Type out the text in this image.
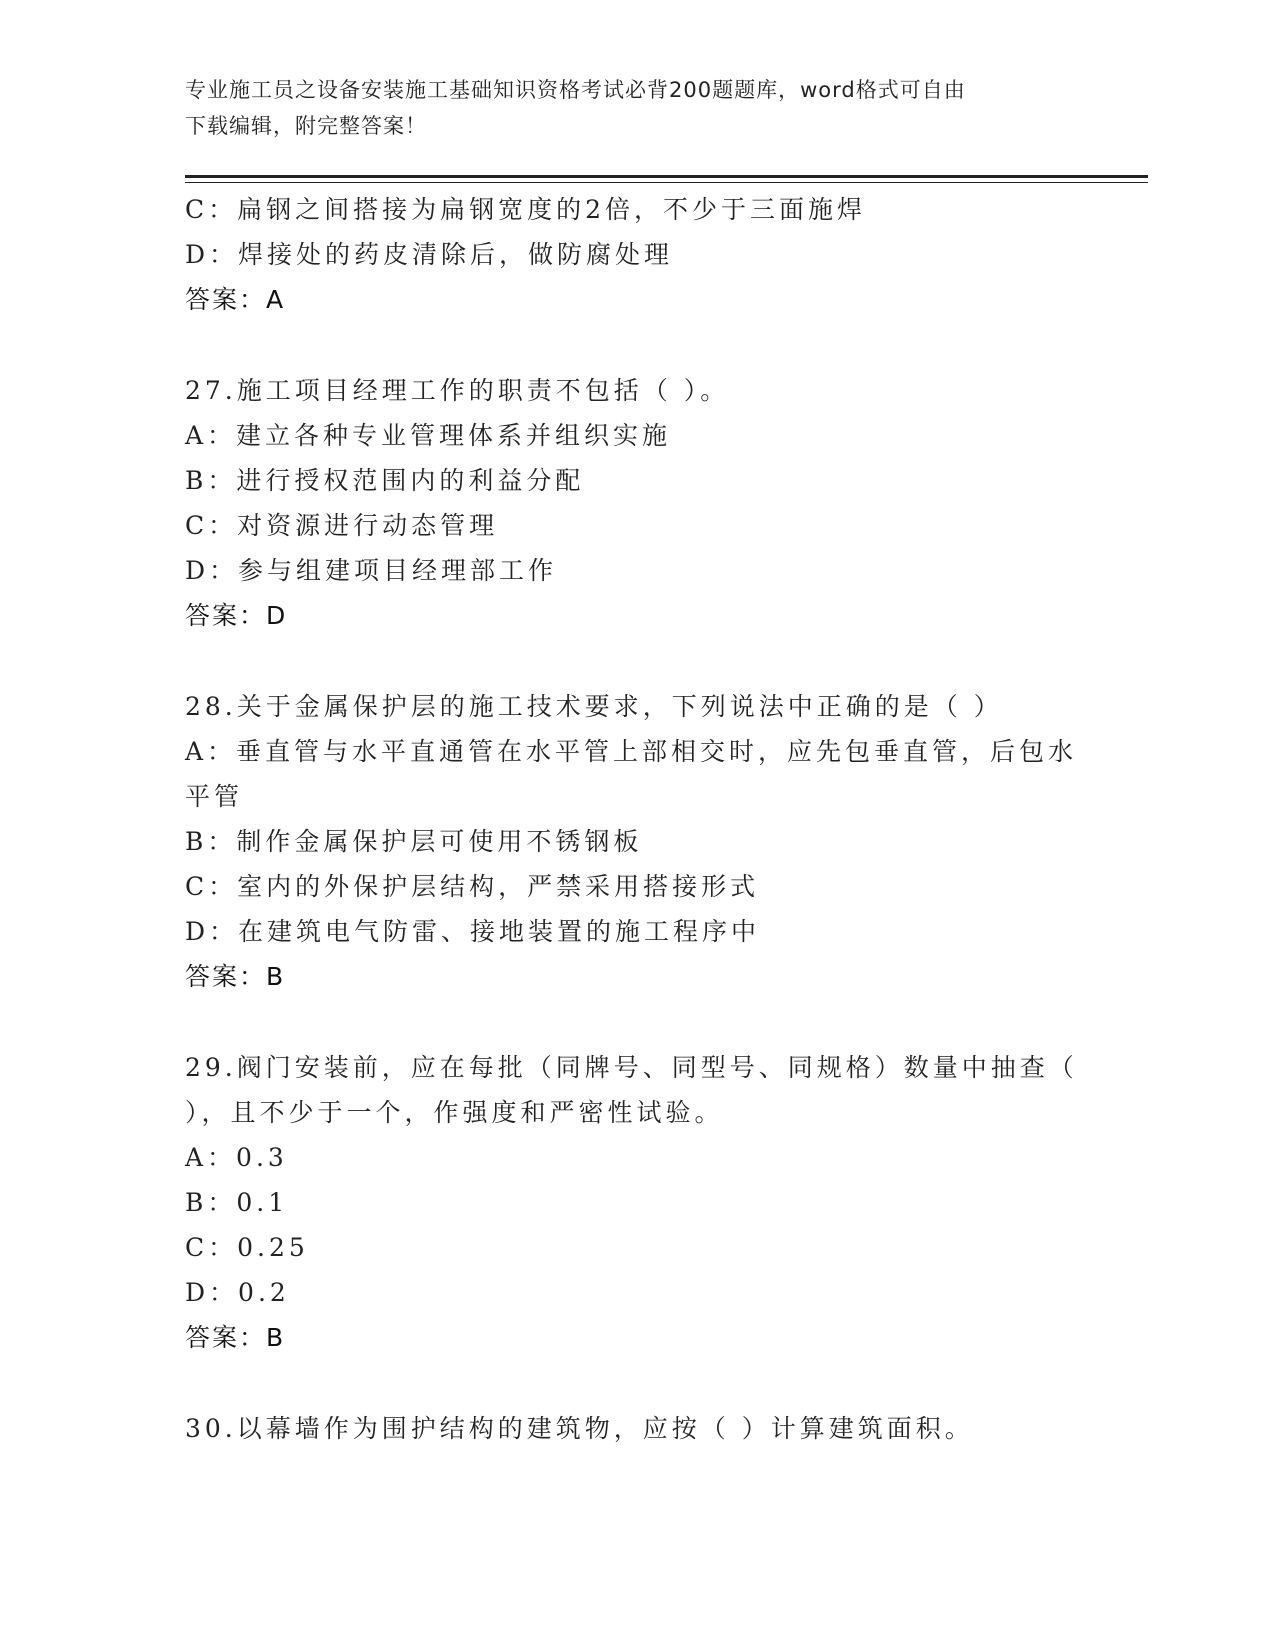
专业施工员之设备安装施工基础知识资格考试必背200题题库，word格式可自由
下载编辑，附完整答案！
C：扁钢之间搭接为扁钢宽度的2倍，不少于三面施焊
D：焊接处的药皮清除后，做防腐处理
答案：A
27.施工项目经理工作的职责不包括（ ）。
A：建立各种专业管理体系并组织实施
B：进行授权范围内的利益分配
C：对资源进行动态管理
D：参与组建项目经理部工作
答案：D
28.关于金属保护层的施工技术要求，下列说法中正确的是（ ）
A：垂直管与水平直通管在水平管上部相交时，应先包垂直管，后包水
平管
B：制作金属保护层可使用不锈钢板
C：室内的外保护层结构，严禁采用搭接形式
D：在建筑电气防雷、接地装置的施工程序中
答案：B
29.阀门安装前，应在每批（同牌号、同型号、同规格）数量中抽查（
），且不少于一个，作强度和严密性试验。
A：0.3
B：0.1
C：0.25
D：0.2
答案：B
30.以幕墙作为围护结构的建筑物，应按（ ）计算建筑面积。
